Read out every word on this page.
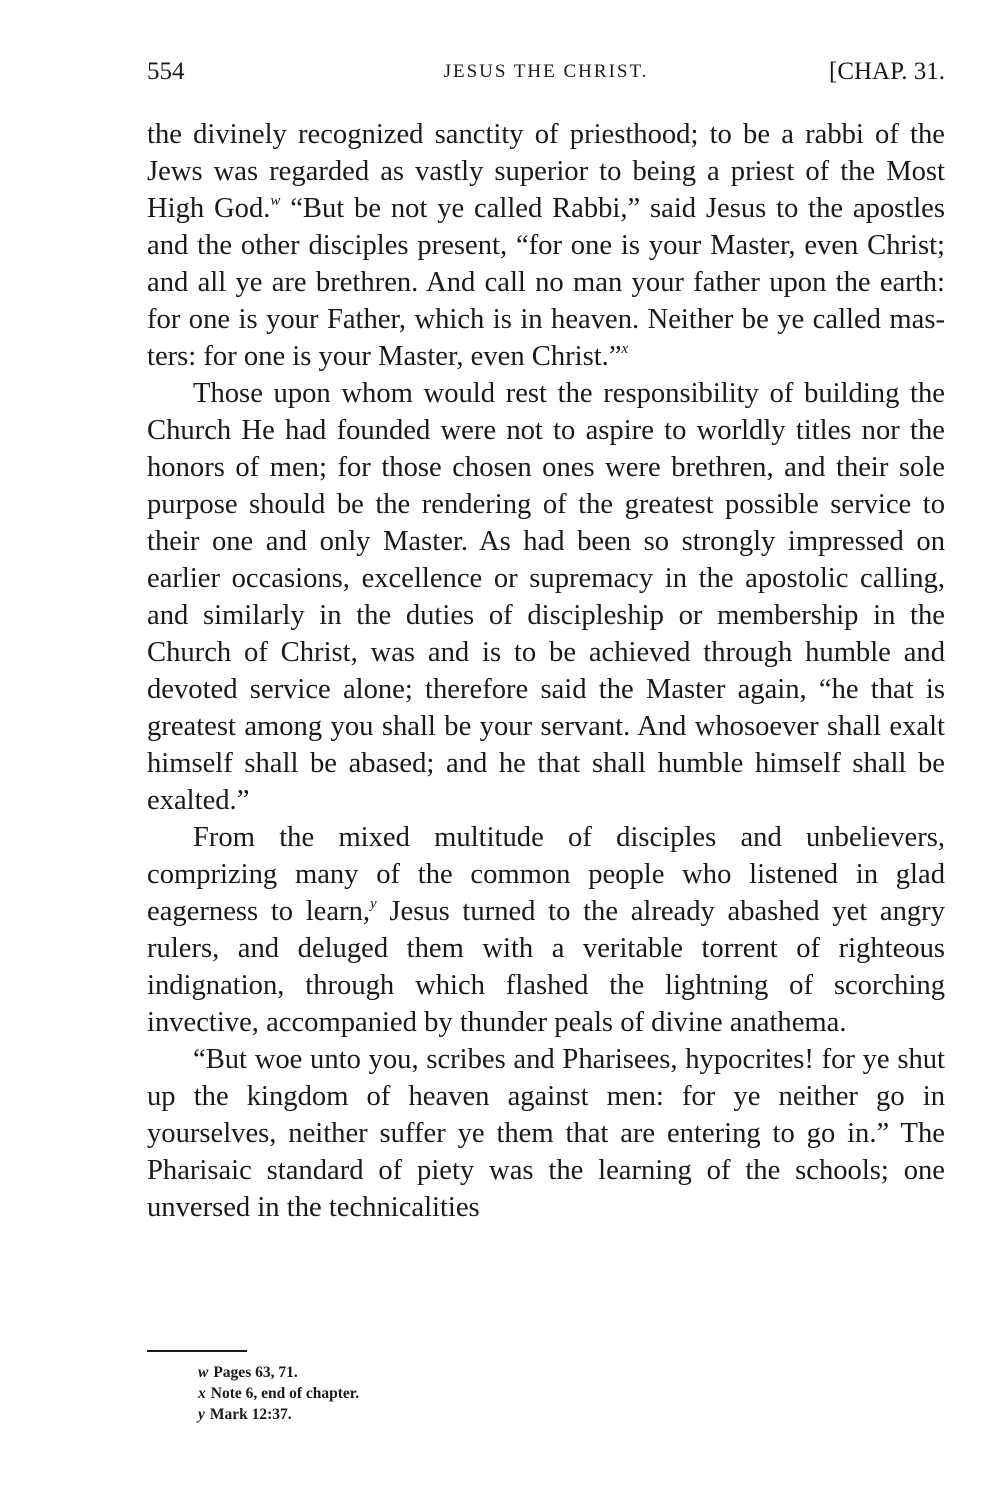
554	JESUS THE CHRIST.	[CHAP. 31.

the divinely recognized sanctity of priesthood; to be a rabbi of the Jews was regarded as vastly superior to being a priest of the Most High God.$^w$ “But be not ye called Rabbi,” said Jesus to the apostles and the other disciples present, “for one is your Master, even Christ; and all ye are brethren. And call no man your father upon the earth: for one is your Father, which is in heaven. Neither be ye called masters: for one is your Master, even Christ.”$^x$

Those upon whom would rest the responsibility of building the Church He had founded were not to aspire to worldly titles nor the honors of men; for those chosen ones were brethren, and their sole purpose should be the rendering of the greatest possible service to their one and only Master. As had been so strongly impressed on earlier occasions, excellence or supremacy in the apostolic calling, and similarly in the duties of discipleship or membership in the Church of Christ, was and is to be achieved through humble and devoted service alone; therefore said the Master again, “he that is greatest among you shall be your servant. And whosoever shall exalt himself shall be abased; and he that shall humble himself shall be exalted.”

From the mixed multitude of disciples and unbelievers, comprizing many of the common people who listened in glad eagerness to learn,$^y$ Jesus turned to the already abashed yet angry rulers, and deluged them with a veritable torrent of righteous indignation, through which flashed the lightning of scorching invective, accompanied by thunder peals of divine anathema.

“But woe unto you, scribes and Pharisees, hypocrites! for ye shut up the kingdom of heaven against men: for ye neither go in yourselves, neither suffer ye them that are entering to go in.” The Pharisaic standard of piety was the learning of the schools; one unversed in the technicalities

w Pages 63, 71.
x Note 6, end of chapter.
y Mark 12:37.
